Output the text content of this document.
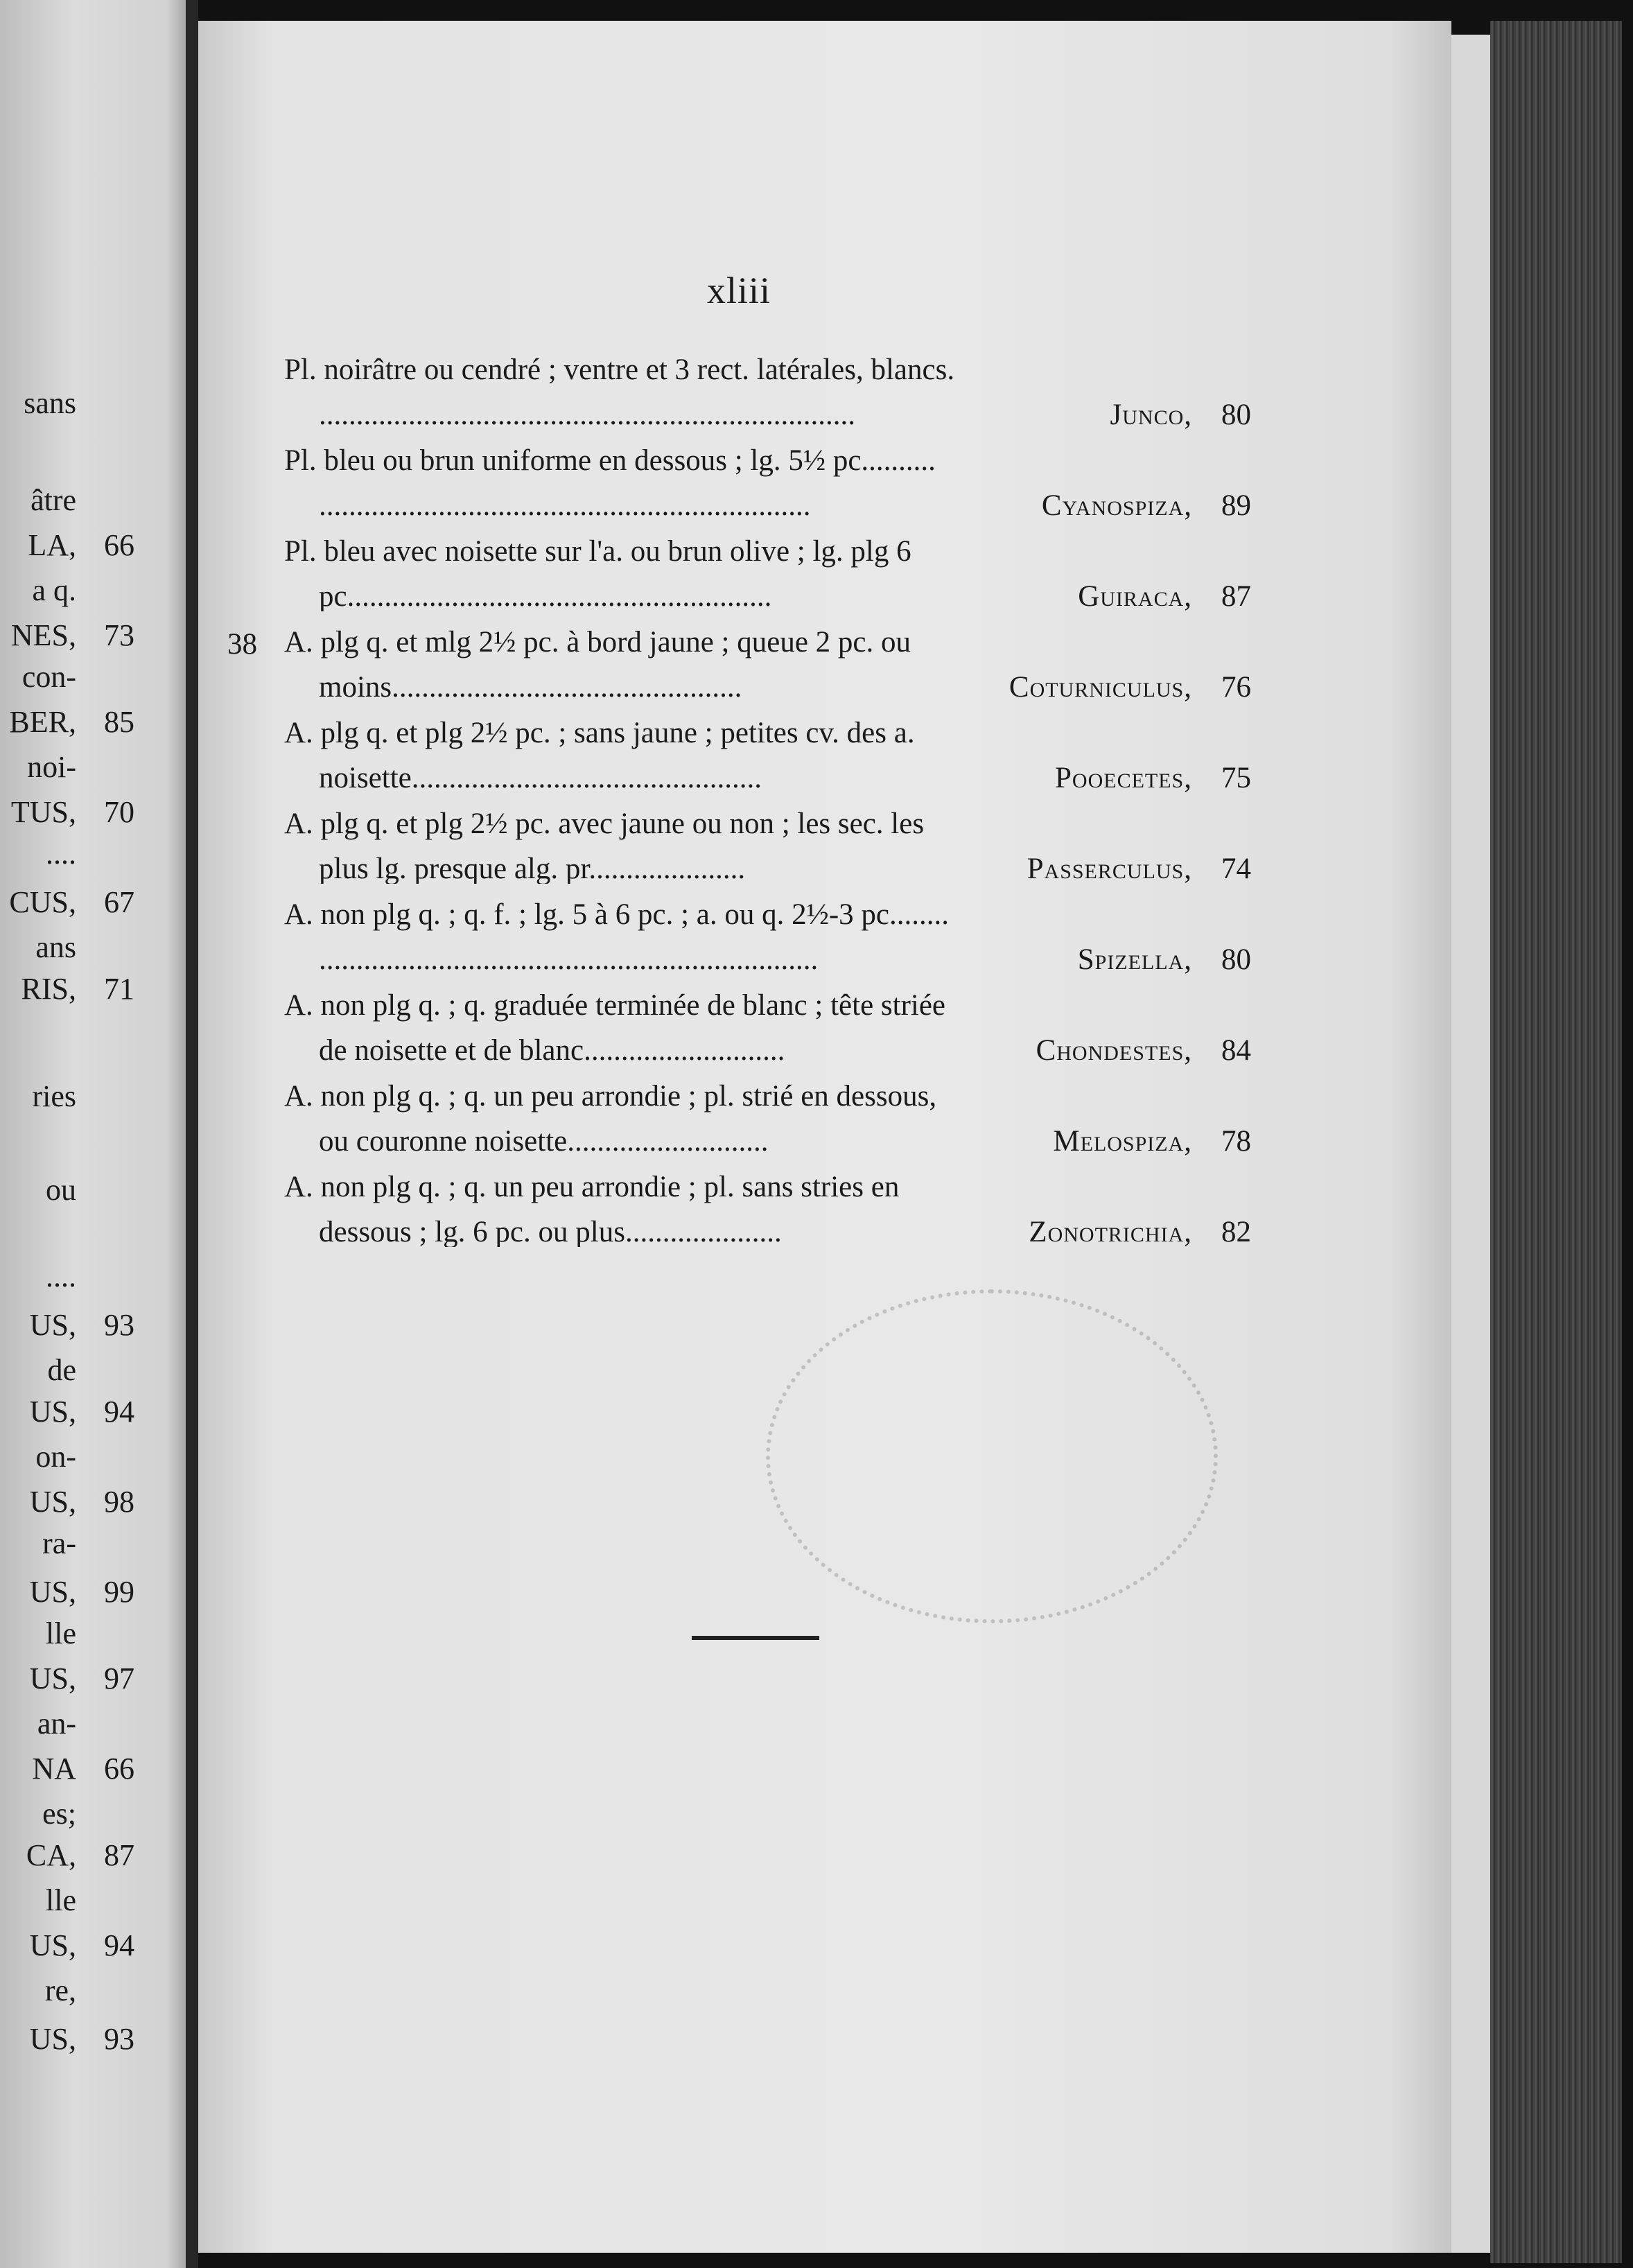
sans
âtre
LA, 66
a q.
NES, 73
con-
BER, 85
noi-
TUS, 70
....
CUS, 67
ans
RIS, 71
ries
ou
....
US, 93
de
US, 94
on-
US, 98
ra-
US, 99
lle
US, 97
an-
NA 66
es;
CA, 87
lle
US, 94
re,
US, 93
xliii
Pl. noirâtre ou cendré ; ventre et 3 rect. latérales, blancs.
........................................................................	Junco, 80
Pl. bleu ou brun uniforme en dessous ; lg. 5½ pc..........
..................................................................	Cyanospiza, 89
Pl. bleu avec noisette sur l'a. ou brun olive ; lg. plg 6
pc.........................................................	Guiraca, 87
38 A. plg q. et mlg 2½ pc. à bord jaune ; queue 2 pc. ou
moins...............................................	Coturniculus, 76
A. plg q. et plg 2½ pc. ; sans jaune ; petites cv. des a.
noisette...............................................	Pooecetes, 75
A. plg q. et plg 2½ pc. avec jaune ou non ; les sec. les
plus lg. presque alg. pr.....................	Passerculus, 74
A. non plg q. ; q. f. ; lg. 5 à 6 pc. ; a. ou q. 2½-3 pc........
...................................................................	Spizella, 80
A. non plg q. ; q. graduée terminée de blanc ; tête striée
de noisette et de blanc...........................	Chondestes, 84
A. non plg q. ; q. un peu arrondie ; pl. strié en dessous,
ou couronne noisette...........................	Melospiza, 78
A. non plg q. ; q. un peu arrondie ; pl. sans stries en
dessous ; lg. 6 pc. ou plus.....................	Zonotrichia, 82
